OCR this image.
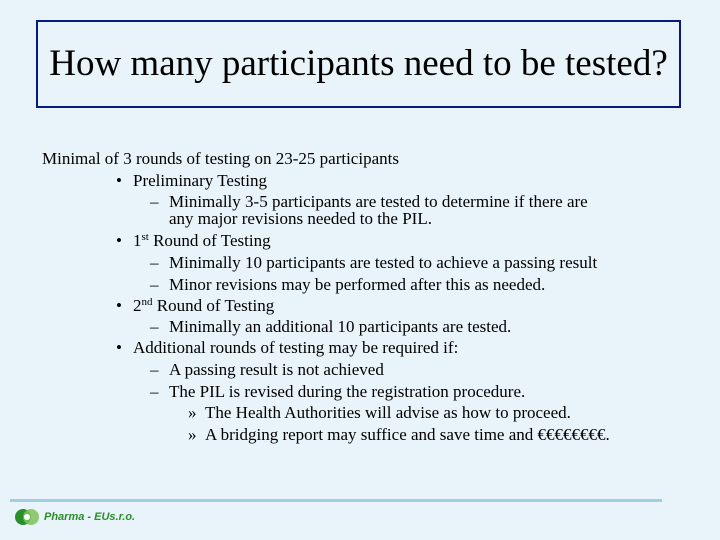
How many participants need to be tested?
Minimal of 3 rounds of testing on 23-25 participants
• Preliminary Testing
– Minimally 3-5 participants are tested to determine if there are
any major revisions needed to the PIL.
• 1st Round of Testing
– Minimally 10 participants are tested to achieve a passing result
– Minor revisions may be performed after this as needed.
• 2nd Round of Testing
– Minimally an additional 10 participants are tested.
• Additional rounds of testing may be required if:
– A passing result is not achieved
– The PIL is revised during the registration procedure.
» The Health Authorities will advise as how to proceed.
» A bridging report may suffice and save time and €€€€€€€€.
Pharma - EUs.r.o.
